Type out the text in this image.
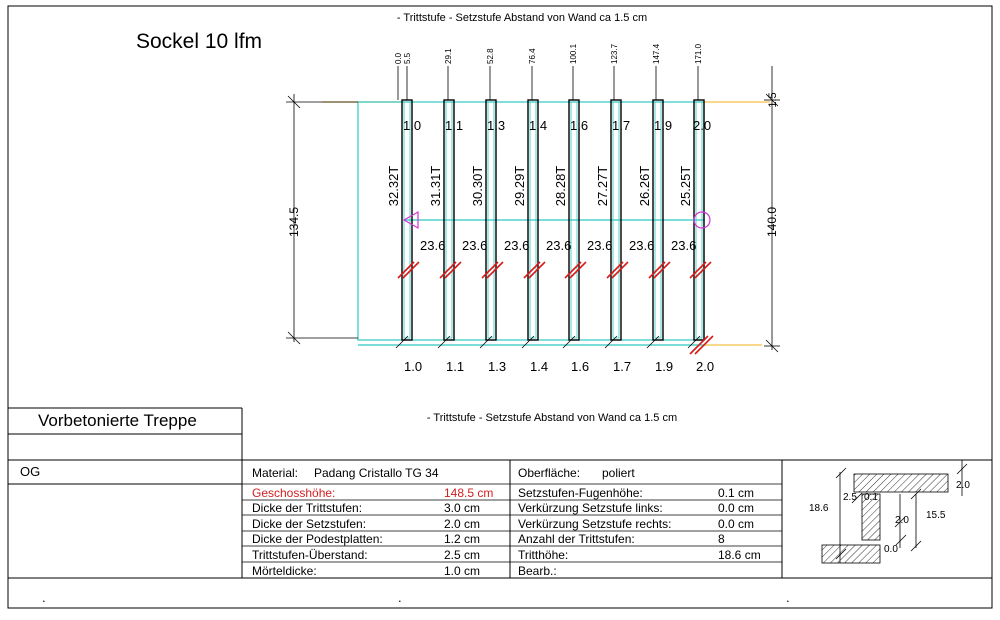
- Trittstufe - Setzstufe Abstand von Wand ca 1.5 cm
Sockel 10 lfm
0.0 5.5	29.1	52.8	76.4	100.1	123.7	147.4	171.0
1.0
32.32T
1.0
1.1
31.31T
1.1
1.3
30.30T
1.3
1.4
29.29T
1.4
1.6
28.28T
1.6
1.7
27.27T
1.7
1.9
26.26T
1.9
2.0
25.25T
2.0
23.6 23.6 23.6 23.6 23.6 23.6 23.6
134.5	140.0
1.5
- Trittstufe - Setzstufe Abstand von Wand ca 1.5 cm
18.6
2.5 0.1
2.0 15.5
0.0
2.0
.	.	.
Vorbetonierte Treppe
OG	Material: Padang Cristallo TG 34
Geschosshöhe:	148.5 cm
Dicke der Trittstufen:	3.0 cm
Dicke der Setzstufen:	2.0 cm
Dicke der Podestplatten:	1.2 cm
Trittstufen-Überstand:	2.5 cm
Mörteldicke:	1.0 cm
Oberfläche: poliert
Setzstufen-Fugenhöhe:	0.1 cm
Verkürzung Setzstufe links:	0.0 cm
Verkürzung Setzstufe rechts:	0.0 cm
Anzahl der Trittstufen:	8
Tritthöhe:	18.6 cm
Bearb.:
